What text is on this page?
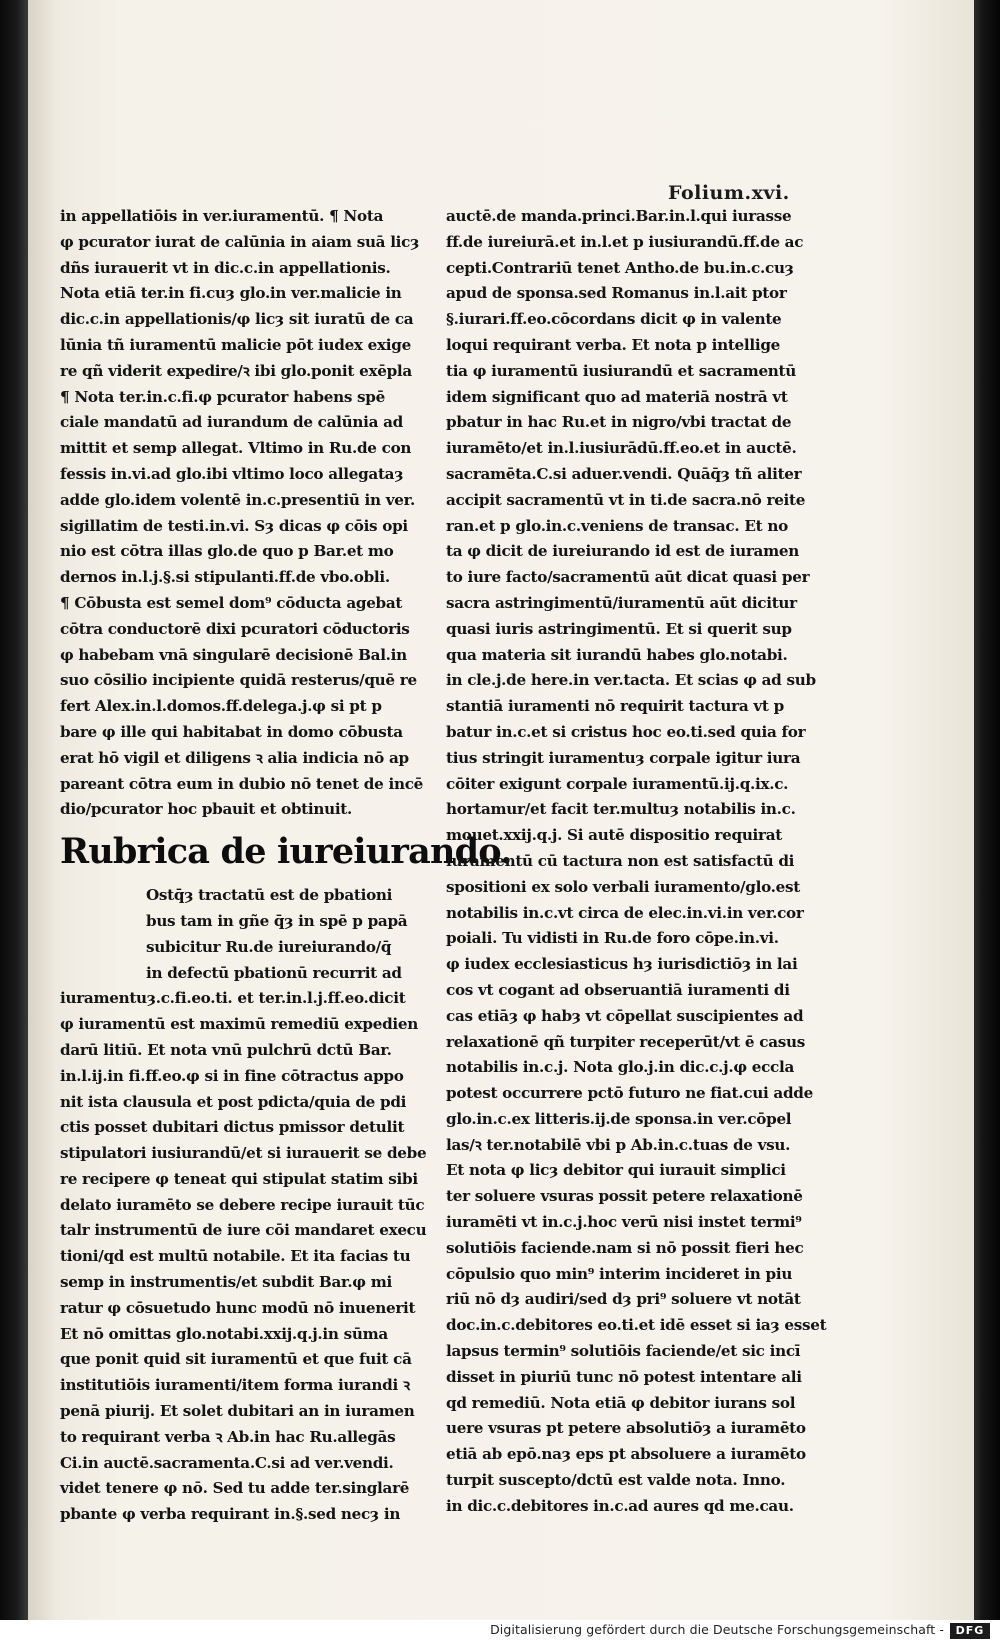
Folium.xvi.
in appellatiōis in ver.iuramentū. ¶ Nota
φ pcurator iurat de calūnia in aiam suā licȝ
dñs iurauerit vt in dic.c.in appellationis.
Nota etiā ter.in fi.cuȝ glo.in ver.malicie in
dic.c.in appellationis/φ licȝ sit iuratū de ca
lūnia tñ iuramentū malicie pōt iudex exige
re qñ viderit expedire/ꝛ ibi glo.ponit exēpla
¶ Nota ter.in.c.fi.φ pcurator habens spē
ciale mandatū ad iurandum de calūnia ad
mittit et semp allegat. Vltimo in Ru.de con
fessis in.vi.ad glo.ibi vltimo loco allegataȝ
adde glo.idem volentē in.c.presentiū in ver.
sigillatim de testi.in.vi. Sȝ dicas φ cōis opi
nio est cōtra illas glo.de quo p Bar.et mo
dernos in.l.j.§.si stipulanti.ff.de vbo.obli.
¶ Cōbusta est semel dom⁹ cōducta agebat
cōtra conductorē dixi pcuratori cōductoris
φ habebam vnā singularē decisionē Bal.in
suo cōsilio incipiente quidā resterus/quē re
fert Alex.in.l.domos.ff.delega.j.φ si pt p
bare φ ille qui habitabat in domo cōbusta
erat hō vigil et diligens ꝛ alia indicia nō ap
pareant cōtra eum in dubio nō tenet de incē
dio/pcurator hoc pbauit et obtinuit.
Rubrica de iureiurando.
Ostq̄ȝ tractatū est de pbationi
bus tam in gñe q̄ȝ in spē p papā
subicitur Ru.de iureiurando/q̄
in defectū pbationū recurrit ad
iuramentuȝ.c.fi.eo.ti. et ter.in.l.j.ff.eo.dicit
φ iuramentū est maximū remediū expedien
darū litiū. Et nota vnū pulchrū dctū Bar.
in.l.ij.in fi.ff.eo.φ si in fine cōtractus appo
nit ista clausula et post pdicta/quia de pdi
ctis posset dubitari dictus pmissor detulit
stipulatori iusiurandū/et si iurauerit se debe
re recipere φ teneat qui stipulat statim sibi
delato iuramēto se debere recipe iurauit tūc
talr instrumentū de iure cōi mandaret execu
tioni/qd est multū notabile. Et ita facias tu
semp in instrumentis/et subdit Bar.φ mi
ratur φ cōsuetudo hunc modū nō inuenerit
Et nō omittas glo.notabi.xxij.q.j.in sūma
que ponit quid sit iuramentū et que fuit cā
institutiōis iuramenti/item forma iurandi ꝛ
penā piurij. Et solet dubitari an in iuramen
to requirant verba ꝛ Ab.in hac Ru.allegās
Ci.in auctē.sacramenta.C.si ad ver.vendi.
videt tenere φ nō. Sed tu adde ter.singlarē
pbante φ verba requirant in.§.sed necȝ in
auctē.de manda.princi.Bar.in.l.qui iurasse
ff.de iureiurā.et in.l.et p iusiurandū.ff.de ac
cepti.Contrariū tenet Antho.de bu.in.c.cuȝ
apud de sponsa.sed Romanus in.l.ait ptor
§.iurari.ff.eo.cōcordans dicit φ in valente
loqui requirant verba. Et nota p intellige
tia φ iuramentū iusiurandū et sacramentū
idem significant quo ad materiā nostrā vt
pbatur in hac Ru.et in nigro/vbi tractat de
iuramēto/et in.l.iusiurādū.ff.eo.et in auctē.
sacramēta.C.si aduer.vendi. Quāq̄ȝ tñ aliter
accipit sacramentū vt in ti.de sacra.nō reite
ran.et p glo.in.c.veniens de transac. Et no
ta φ dicit de iureiurando id est de iuramen
to iure facto/sacramentū aūt dicat quasi per
sacra astringimentū/iuramentū aūt dicitur
quasi iuris astringimentū. Et si querit sup
qua materia sit iurandū habes glo.notabi.
in cle.j.de here.in ver.tacta. Et scias φ ad sub
stantiā iuramenti nō requirit tactura vt p
batur in.c.et si cristus hoc eo.ti.sed quia for
tius stringit iuramentuȝ corpale igitur iura
cōiter exigunt corpale iuramentū.ij.q.ix.c.
hortamur/et facit ter.multuȝ notabilis in.c.
mouet.xxij.q.j. Si autē dispositio requirat
iuramentū cū tactura non est satisfactū di
spositioni ex solo verbali iuramento/glo.est
notabilis in.c.vt circa de elec.in.vi.in ver.cor
poiali. Tu vidisti in Ru.de foro cōpe.in.vi.
φ iudex ecclesiasticus hȝ iurisdictiōȝ in lai
cos vt cogant ad obseruantiā iuramenti di
cas etiāȝ φ habȝ vt cōpellat suscipientes ad
relaxationē qñ turpiter receperūt/vt ē casus
notabilis in.c.j. Nota glo.j.in dic.c.j.φ eccla
potest occurrere pctō futuro ne fiat.cui adde
glo.in.c.ex litteris.ij.de sponsa.in ver.cōpel
las/ꝛ ter.notabilē vbi p Ab.in.c.tuas de vsu.
Et nota φ licȝ debitor qui iurauit simplici
ter soluere vsuras possit petere relaxationē
iuramēti vt in.c.j.hoc verū nisi instet termi⁹
solutiōis faciende.nam si nō possit fieri hec
cōpulsio quo min⁹ interim incideret in piu
riū nō dȝ audiri/sed dȝ pri⁹ soluere vt notāt
doc.in.c.debitores eo.ti.et idē esset si iaȝ esset
lapsus termin⁹ solutiōis faciende/et sic incī
disset in piuriū tunc nō potest intentare ali
qd remediū. Nota etiā φ debitor iurans sol
uere vsuras pt petere absolutiōȝ a iuramēto
etiā ab epō.naȝ eps pt absoluere a iuramēto
turpit suscepto/dctū est valde nota. Inno.
in dic.c.debitores in.c.ad aures qd me.cau.
Digitalisierung gefördert durch die Deutsche Forschungsgemeinschaft -	DFG
